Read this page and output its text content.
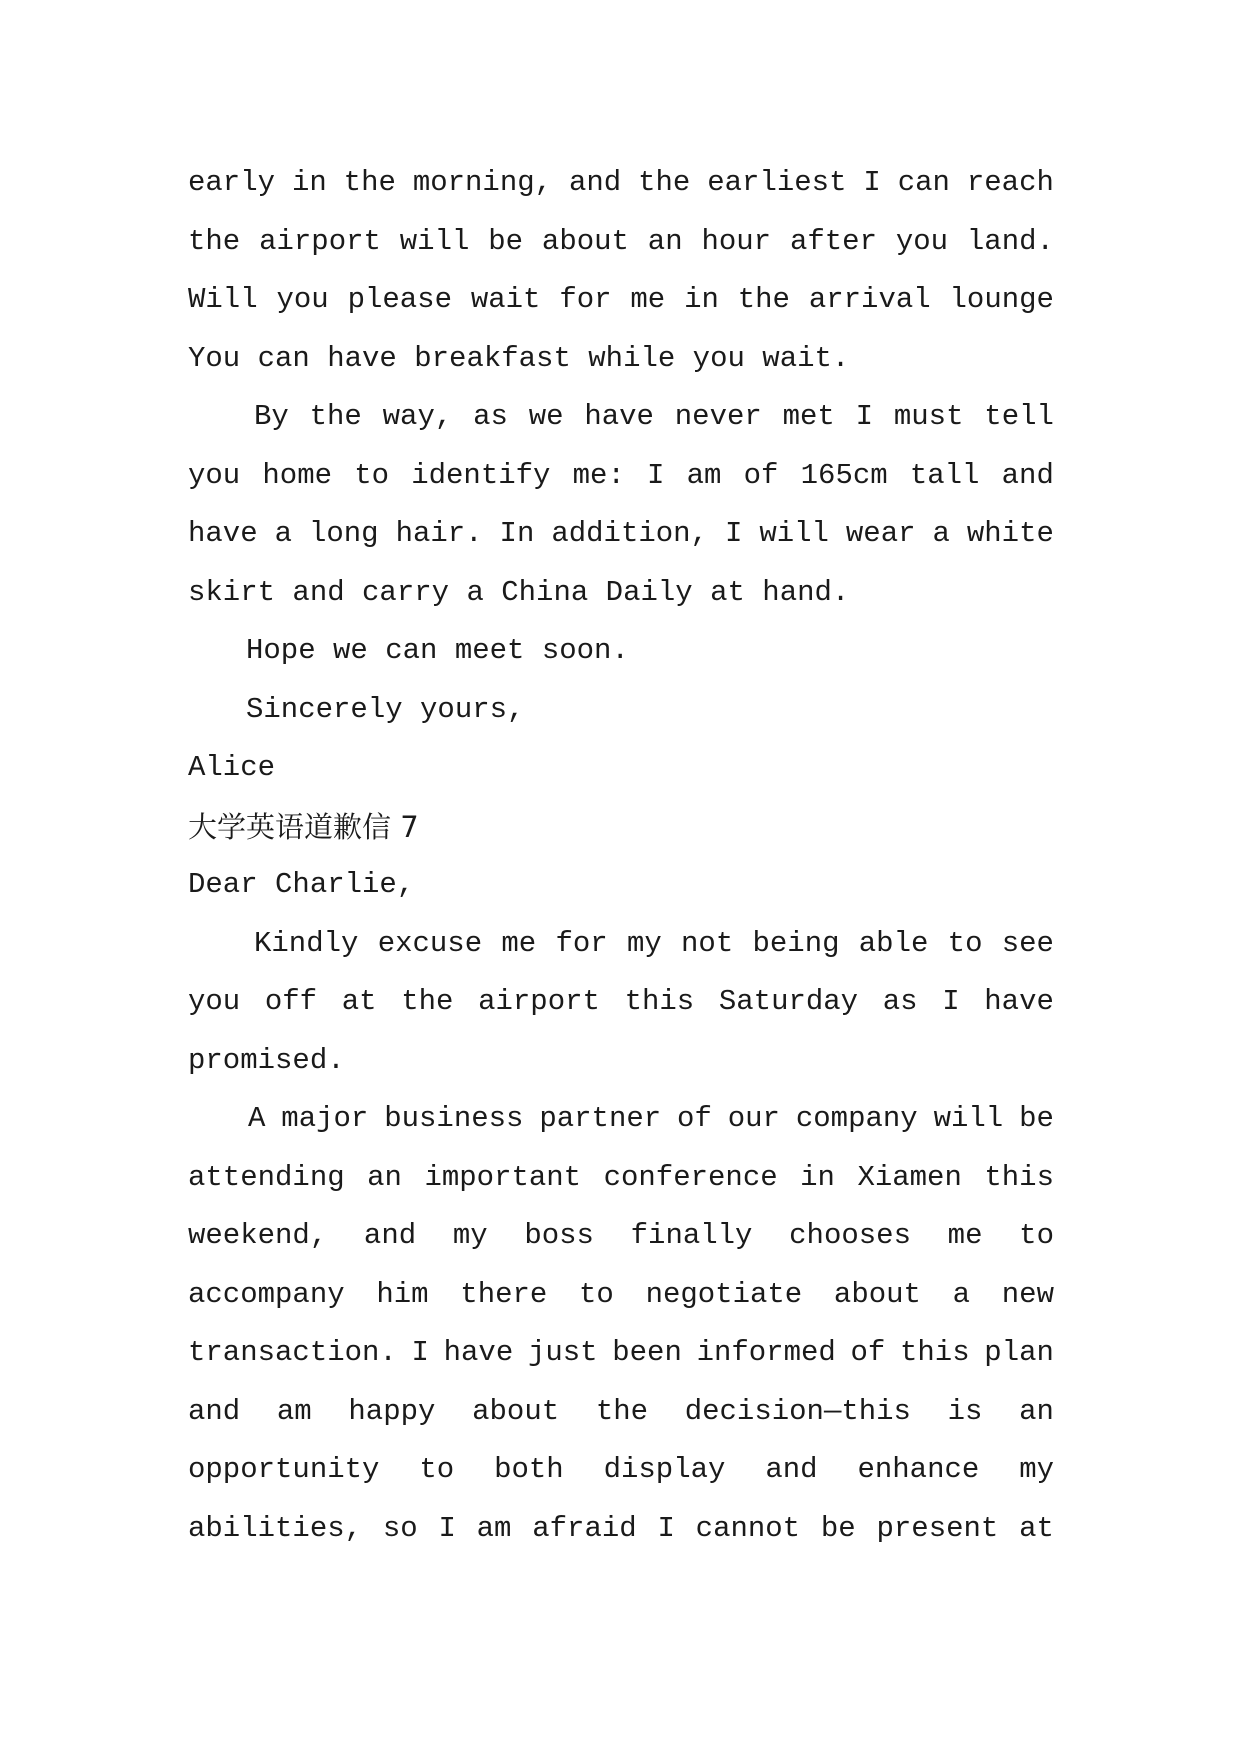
early in the morning, and the earliest I can reach
the airport will be about an hour after you land.
Will you please wait for me in the arrival lounge
You can have breakfast while you wait.
By the way, as we have never met I must tell
you home to identify me: I am of 165cm tall and
have a long hair. In addition, I will wear a white
skirt and carry a China Daily at hand.
Hope we can meet soon.
Sincerely yours,
Alice
大学英语道歉信 7
Dear Charlie,
Kindly excuse me for my not being able to see
you off at the airport this Saturday as I have
promised.
A major business partner of our company will be
attending an important conference in Xiamen this
weekend, and my boss finally chooses me to
accompany him there to negotiate about a new
transaction. I have just been informed of this plan
and am happy about the decision—this is an
opportunity to both display and enhance my
abilities, so I am afraid I cannot be present at
